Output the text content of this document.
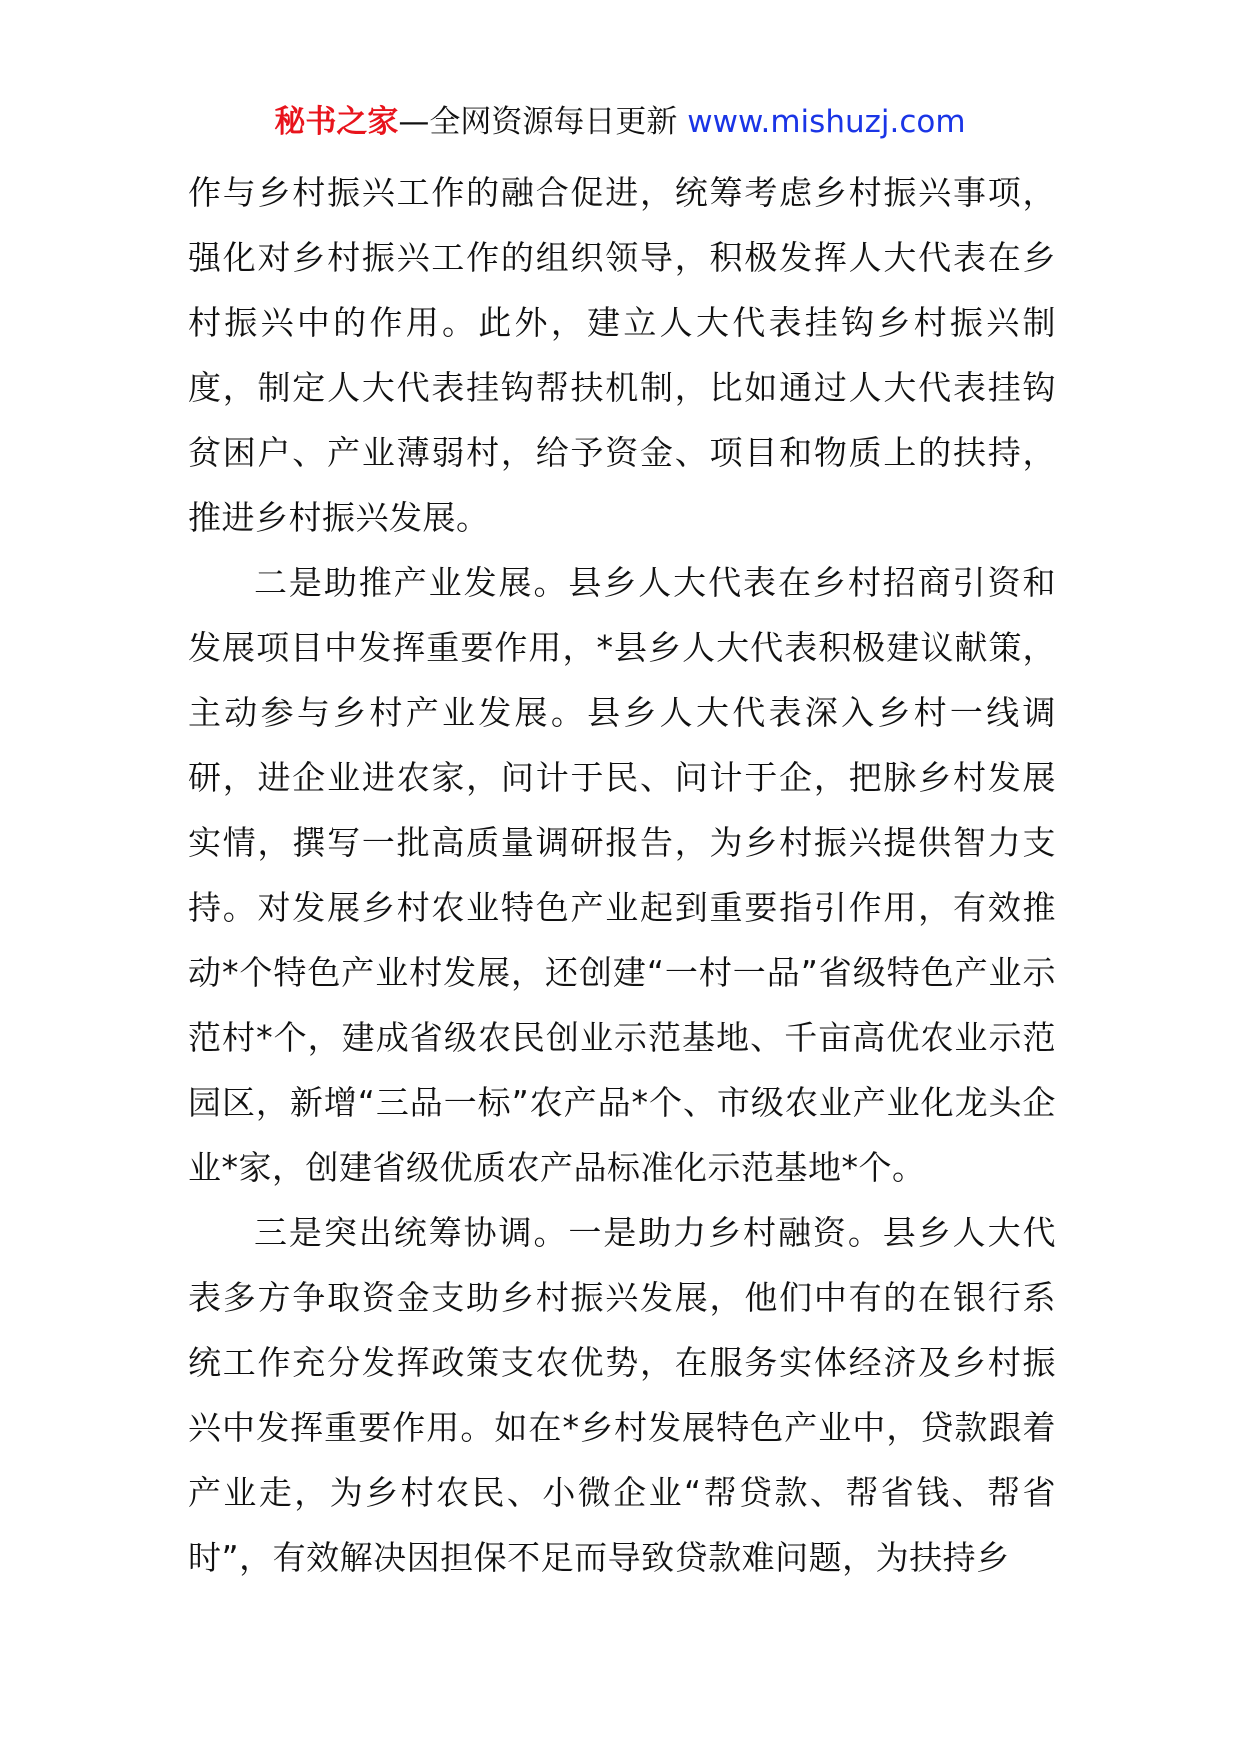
秘书之家—全网资源每日更新 www.mishuzj.com

作与乡村振兴工作的融合促进，统筹考虑乡村振兴事项，强化对乡村振兴工作的组织领导，积极发挥人大代表在乡村振兴中的作用。此外，建立人大代表挂钩乡村振兴制度，制定人大代表挂钩帮扶机制，比如通过人大代表挂钩贫困户、产业薄弱村，给予资金、项目和物质上的扶持，推进乡村振兴发展。

二是助推产业发展。县乡人大代表在乡村招商引资和发展项目中发挥重要作用，*县乡人大代表积极建议献策，主动参与乡村产业发展。县乡人大代表深入乡村一线调研，进企业进农家，问计于民、问计于企，把脉乡村发展实情，撰写一批高质量调研报告，为乡村振兴提供智力支持。对发展乡村农业特色产业起到重要指引作用，有效推动*个特色产业村发展，还创建“一村一品”省级特色产业示范村*个，建成省级农民创业示范基地、千亩高优农业示范园区，新增“三品一标”农产品*个、市级农业产业化龙头企业*家，创建省级优质农产品标准化示范基地*个。

三是突出统筹协调。一是助力乡村融资。县乡人大代表多方争取资金支助乡村振兴发展，他们中有的在银行系统工作充分发挥政策支农优势，在服务实体经济及乡村振兴中发挥重要作用。如在*乡村发展特色产业中，贷款跟着产业走，为乡村农民、小微企业“帮贷款、帮省钱、帮省时”，有效解决因担保不足而导致贷款难问题，为扶持乡
